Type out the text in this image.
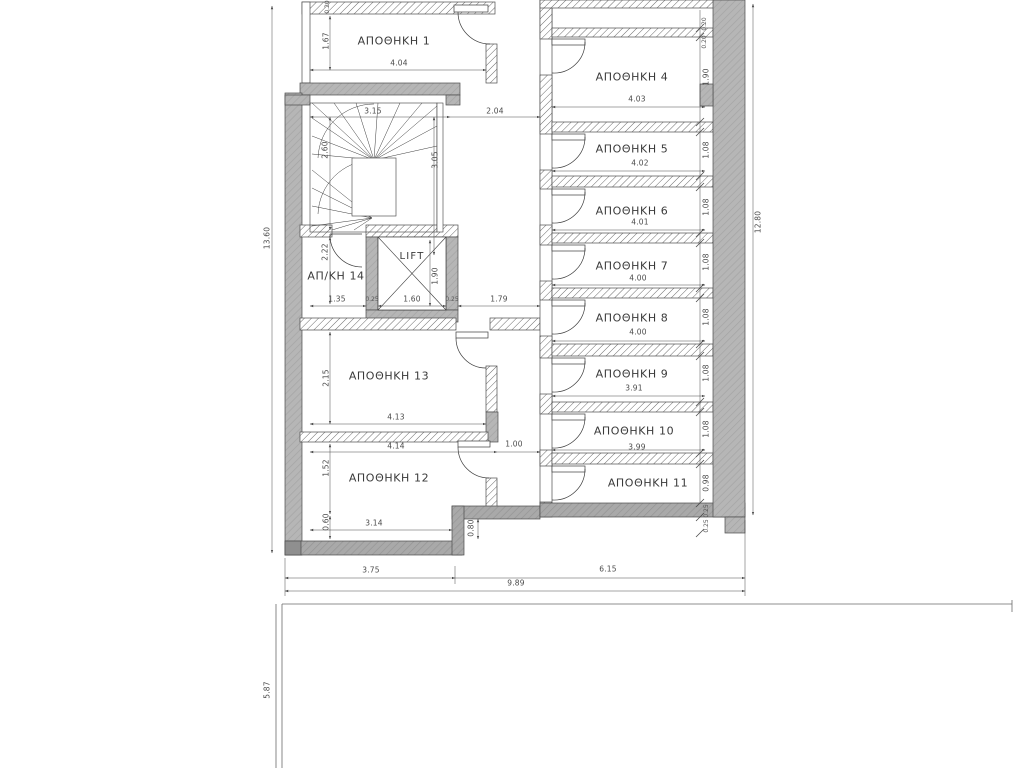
ΑΠΟΘΗΚΗ 1
4.04
1.67
0.20
3.15
2.60
3.05
2.04
ΑΠ/ΚΗ 14
2.22
1.35
LIFT
1.90
1.60
0.25	0.25	1.79
ΑΠΟΘΗΚΗ 13
2.15
4.13
4.14	1.00
ΑΠΟΘΗΚΗ 12
1.52
3.14
0.60	0.80
ΑΠΟΘΗΚΗ 4
ΑΠΟΘΗΚΗ 5
ΑΠΟΘΗΚΗ 6
ΑΠΟΘΗΚΗ 7
ΑΠΟΘΗΚΗ 8
ΑΠΟΘΗΚΗ 9
ΑΠΟΘΗΚΗ 10
ΑΠΟΘΗΚΗ 11
4.03
4.02
4.01
4.00
4.00
3.91
3.99
1.90
1.08
1.08
1.08
1.08
1.08
1.08
0.98
0.20
0.20
0.25
0.25
13.60
12.80
3.75	6.15
9.89
5.87
